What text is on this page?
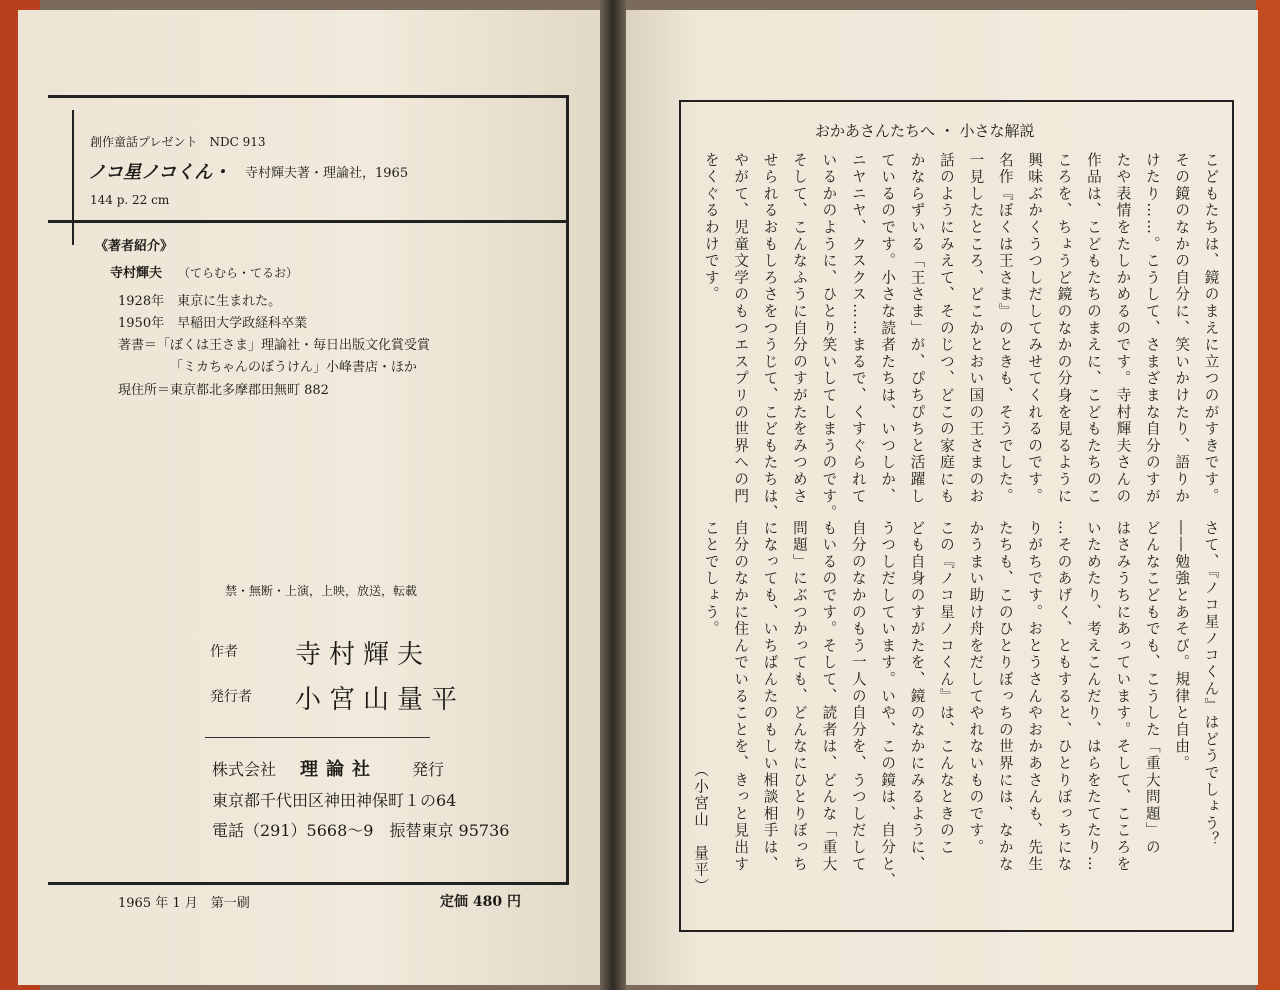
創作童話プレゼント　NDC 913
ノコ星ノコくん・ 寺村輝夫著・理論社，1965
144 p. 22 cm
《著者紹介》
寺村輝夫 （てらむら・てるお）
1928年　東京に生まれた。
1950年　早稲田大学政経科卒業
著書＝「ぼくは王さま」理論社・毎日出版文化賞受賞
「ミカちゃんのぼうけん」小峰書店・ほか
現住所＝東京都北多摩郡田無町 882
禁・無断・上演，上映，放送，転載
作者 寺村輝夫
発行者 小宮山量平
株式会社 理論社 発行
東京都千代田区神田神保町１の64
電話（291）5668～9　振替東京 95736
1965 年 1 月　第一刷	定価 480 円
おかあさんたちへ ・ 小さな解説
こどもたちは、鏡のまえに立つのがすきです。
その鏡のなかの自分に、笑いかけたり、語りか
けたり……。こうして、さまざまな自分のすが
たや表情をたしかめるのです。寺村輝夫さんの
作品は、こどもたちのまえに、こどもたちのこ
ころを、ちょうど鏡のなかの分身を見るように
興味ぶかくうつしだしてみせてくれるのです。
名作『ぼくは王さま』のときも、そうでした。
一見したところ、どこかとおい国の王さまのお
話のようにみえて、そのじつ、どこの家庭にも
かならずいる「王さま」が、ぴちぴちと活躍し
ているのです。小さな読者たちは、いつしか、
ニヤニヤ、クスクス……まるで、くすぐられて
いるかのように、ひとり笑いしてしまうのです。
そして、こんなふうに自分のすがたをみつめさ
せられるおもしろさをつうじて、こどもたちは、
やがて、児童文学のもつエスプリの世界への門
をくぐるわけです。
さて、『ノコ星ノコくん』はどうでしょう？
――勉強とあそび。規律と自由。
どんなこどもでも、こうした「重大問題」の
はさみうちにあっています。そして、こころを
いためたり、考えこんだり、はらをたてたり…
…そのあげく、ともすると、ひとりぼっちにな
りがちです。おとうさんやおかあさんも、先生
たちも、このひとりぼっちの世界には、なかな
かうまい助け舟をだしてやれないものです。
この『ノコ星ノコくん』は、こんなときのこ
ども自身のすがたを、鏡のなかにみるように、
うつしだしています。いや、この鏡は、自分と、
自分のなかのもう一人の自分を、うつしだして
もいるのです。そして、読者は、どんな「重大
問題」にぶつかっても、どんなにひとりぼっち
になっても、いちばんたのもしい相談相手は、
自分のなかに住んでいることを、きっと見出す
ことでしょう。
（小宮山　量平）
